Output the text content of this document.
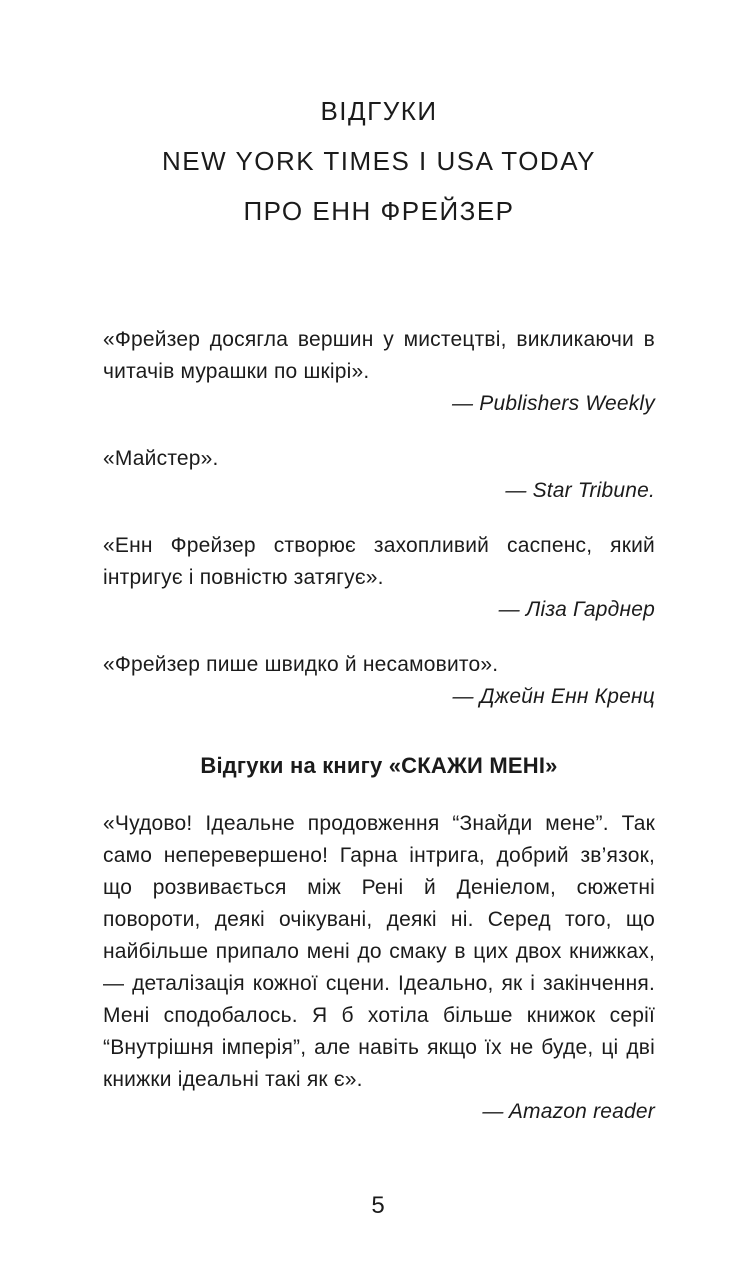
ВІДГУКИ
NEW YORK TIMES І USA TODAY
ПРО ЕНН ФРЕЙЗЕР
«Фрейзер досягла вершин у мистецтві, викликаючи в читачів мурашки по шкірі».
— Publishers Weekly
«Майстер».
— Star Tribune.
«Енн Фрейзер створює захопливий саспенс, який інтригує і повністю затягує».
— Ліза Гарднер
«Фрейзер пише швидко й несамовито».
— Джейн Енн Кренц
Відгуки на книгу «СКАЖИ МЕНІ»
«Чудово! Ідеальне продовження “Знайди мене”. Так само неперевершено! Гарна інтрига, добрий зв’язок, що розвивається між Рені й Деніелом, сюжетні повороти, деякі очікувані, деякі ні. Серед того, що найбільше припало мені до смаку в цих двох книжках, — деталізація кожної сцени. Ідеально, як і закінчення. Мені сподобалось. Я б хотіла більше книжок серії “Внутрішня імперія”, але навіть якщо їх не буде, ці дві книжки ідеальні такі як є».
— Amazon reader
5
